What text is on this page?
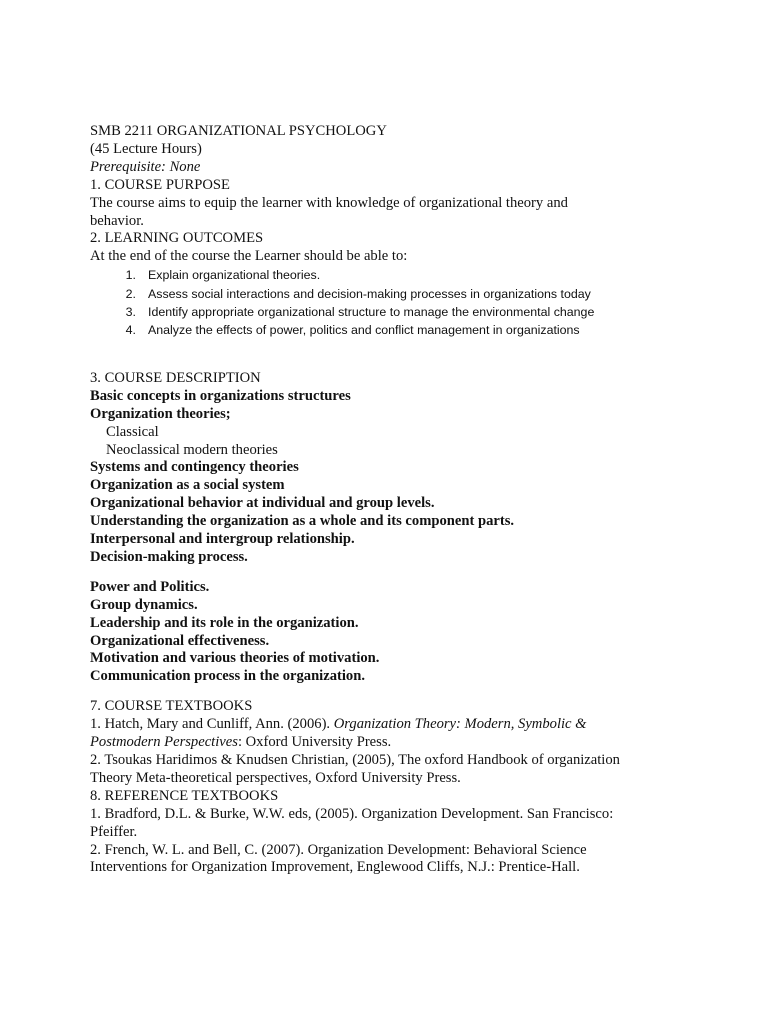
SMB 2211 ORGANIZATIONAL PSYCHOLOGY
(45 Lecture Hours)
Prerequisite: None
1. COURSE PURPOSE
The course aims to equip the learner with knowledge of organizational theory and behavior.
2. LEARNING OUTCOMES
At the end of the course the Learner should be able to:
1. Explain organizational theories.
2. Assess social interactions and decision-making processes in organizations today
3. Identify appropriate organizational structure to manage the environmental change
4. Analyze the effects of power, politics and conflict management in organizations
3. COURSE DESCRIPTION
Basic concepts in organizations structures
Organization theories;
Classical
Neoclassical modern theories
Systems and contingency theories
Organization as a social system
Organizational behavior at individual and group levels.
Understanding the organization as a whole and its component parts.
Interpersonal and intergroup relationship.
Decision-making process.
Power and Politics.
Group dynamics.
Leadership and its role in the organization.
Organizational effectiveness.
Motivation and various theories of motivation.
Communication process in the organization.
7. COURSE TEXTBOOKS
1. Hatch, Mary and Cunliff, Ann. (2006). Organization Theory: Modern, Symbolic & Postmodern Perspectives: Oxford University Press.
2. Tsoukas Haridimos & Knudsen Christian, (2005), The oxford Handbook of organization Theory Meta-theoretical perspectives, Oxford University Press.
8. REFERENCE TEXTBOOKS
1. Bradford, D.L. & Burke, W.W. eds, (2005). Organization Development. San Francisco: Pfeiffer.
2. French, W. L. and Bell, C. (2007). Organization Development: Behavioral Science Interventions for Organization Improvement, Englewood Cliffs, N.J.: Prentice-Hall.
